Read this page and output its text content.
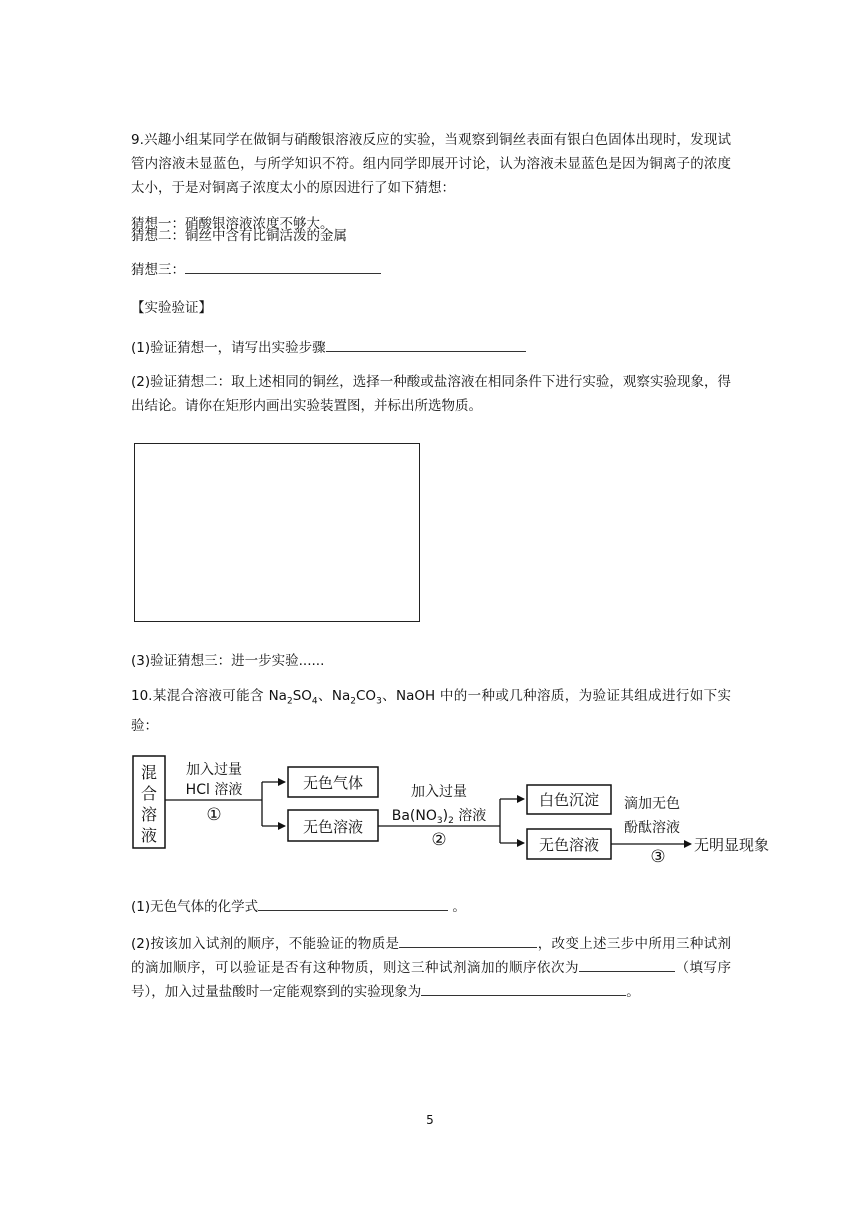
9.兴趣小组某同学在做铜与硝酸银溶液反应的实验，当观察到铜丝表面有银白色固体出现时，发现试管内溶液未显蓝色，与所学知识不符。组内同学即展开讨论，认为溶液未显蓝色是因为铜离子的浓度太小，于是对铜离子浓度太小的原因进行了如下猜想：

猜想一：硝酸银溶液浓度不够大。

猜想二：铜丝中含有比铜活泼的金属

猜想三：

【实验验证】

(1)验证猜想一，请写出实验步骤

(2)验证猜想二：取上述相同的铜丝，选择一种酸或盐溶液在相同条件下进行实验，观察实验现象，得出结论。请你在矩形内画出实验装置图，并标出所选物质。

(3)验证猜想三：进一步实验......

10.某混合溶液可能含 $Na_2SO_4$、$Na_2CO_3$、NaOH 中的一种或几种溶质，为验证其组成进行如下实验：

混
合
溶
液
加入过量
HCl 溶液
①
无色气体
无色溶液
加入过量
$Ba(NO_3)_2$ 溶液
②
白色沉淀
无色溶液
滴加无色
酚酞溶液
③
无明显现象

(1)无色气体的化学式	。

(2)按该加入试剂的顺序，不能验证的物质是	，改变上述三步中所用三种试剂的滴加顺序，可以验证是否有这种物质，则这三种试剂滴加的顺序依次为	（填写序号），加入过量盐酸时一定能观察到的实验现象为	。

5
